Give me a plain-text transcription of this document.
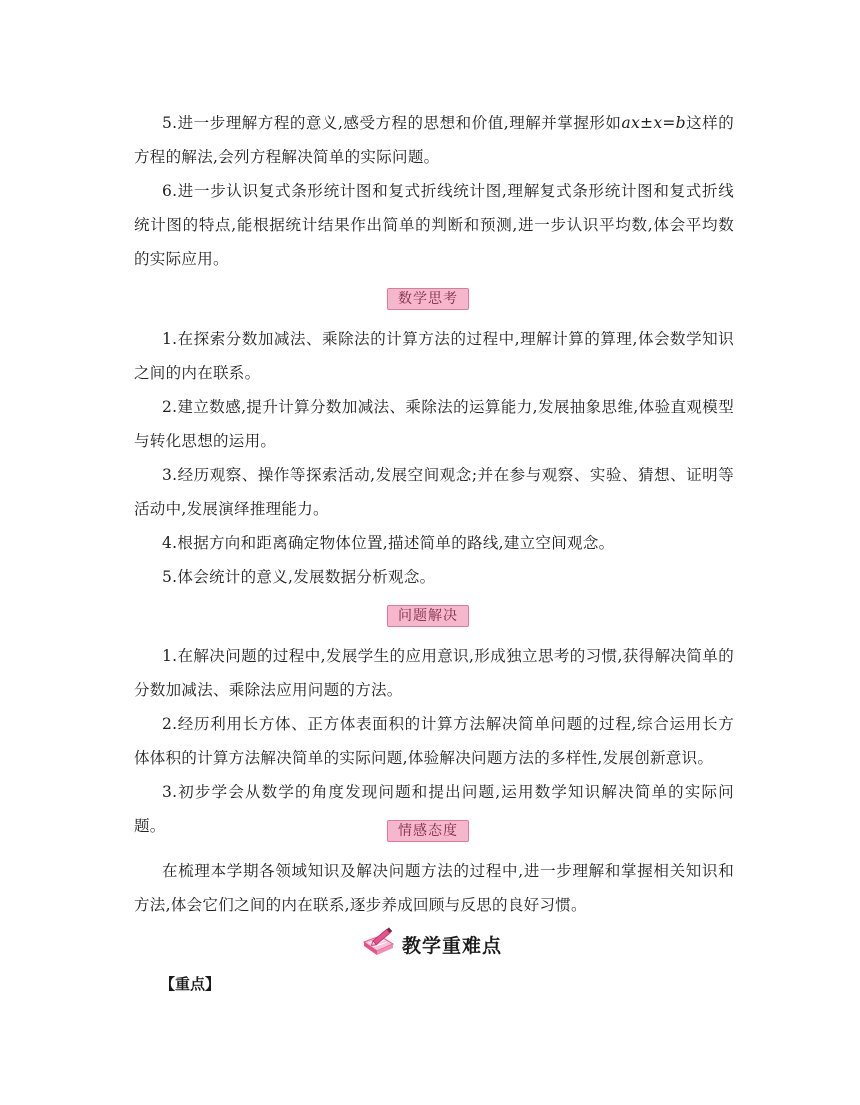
5.进一步理解方程的意义,感受方程的思想和价值,理解并掌握形如ax±x=b这样的方程的解法,会列方程解决简单的实际问题。

6.进一步认识复式条形统计图和复式折线统计图,理解复式条形统计图和复式折线统计图的特点,能根据统计结果作出简单的判断和预测,进一步认识平均数,体会平均数的实际应用。

数学思考

1.在探索分数加减法、乘除法的计算方法的过程中,理解计算的算理,体会数学知识之间的内在联系。

2.建立数感,提升计算分数加减法、乘除法的运算能力,发展抽象思维,体验直观模型与转化思想的运用。

3.经历观察、操作等探索活动,发展空间观念;并在参与观察、实验、猜想、证明等活动中,发展演绎推理能力。

4.根据方向和距离确定物体位置,描述简单的路线,建立空间观念。

5.体会统计的意义,发展数据分析观念。

问题解决

1.在解决问题的过程中,发展学生的应用意识,形成独立思考的习惯,获得解决简单的分数加减法、乘除法应用问题的方法。

2.经历利用长方体、正方体表面积的计算方法解决简单问题的过程,综合运用长方体体积的计算方法解决简单的实际问题,体验解决问题方法的多样性,发展创新意识。

3.初步学会从数学的角度发现问题和提出问题,运用数学知识解决简单的实际问题。	情感态度

在梳理本学期各领域知识及解决问题方法的过程中,进一步理解和掌握相关知识和方法,体会它们之间的内在联系,逐步养成回顾与反思的良好习惯。

教学重难点
【重点】
